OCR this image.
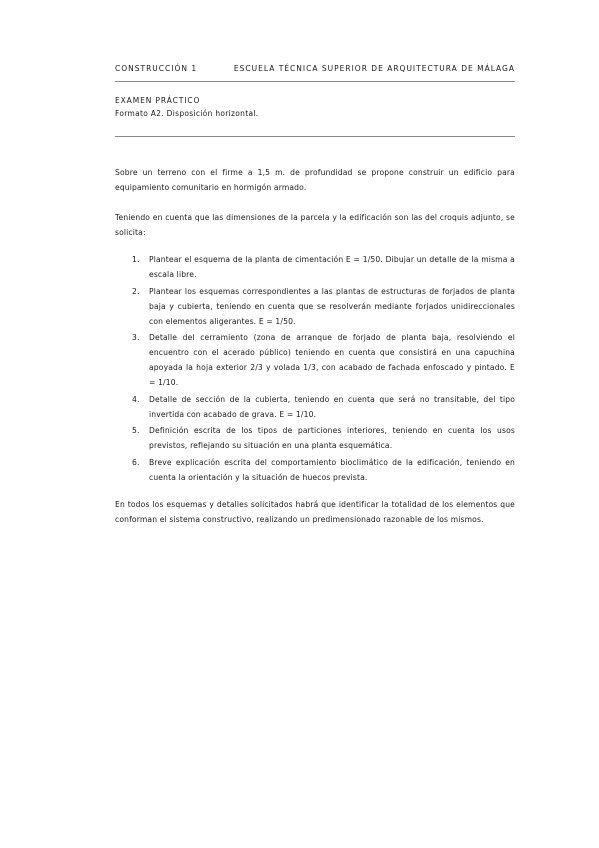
CONSTRUCCIÓN 1	ESCUELA TÉCNICA SUPERIOR DE ARQUITECTURA DE MÁLAGA
EXAMEN PRÁCTICO
Formato A2. Disposición horizontal.
Sobre un terreno con el firme a 1,5 m. de profundidad se propone construir un edificio para equipamiento comunitario en hormigón armado.
Teniendo en cuenta que las dimensiones de la parcela y la edificación son las del croquis adjunto, se solicita:
1. Plantear el esquema de la planta de cimentación E = 1/50. Dibujar un detalle de la misma a escala libre.
2. Plantear los esquemas correspondientes a las plantas de estructuras de forjados de planta baja y cubierta, teniendo en cuenta que se resolverán mediante forjados unidireccionales con elementos aligerantes. E = 1/50.
3. Detalle del cerramiento (zona de arranque de forjado de planta baja, resolviendo el encuentro con el acerado público) teniendo en cuenta que consistirá en una capuchina apoyada la hoja exterior 2/3 y volada 1/3, con acabado de fachada enfoscado y pintado. E = 1/10.
4. Detalle de sección de la cubierta, teniendo en cuenta que será no transitable, del tipo invertida con acabado de grava. E = 1/10.
5. Definición escrita de los tipos de particiones interiores, teniendo en cuenta los usos previstos, reflejando su situación en una planta esquemática.
6. Breve explicación escrita del comportamiento bioclimático de la edificación, teniendo en cuenta la orientación y la situación de huecos prevista.
En todos los esquemas y detalles solicitados habrá que identificar la totalidad de los elementos que conforman el sistema constructivo, realizando un predimensionado razonable de los mismos.
